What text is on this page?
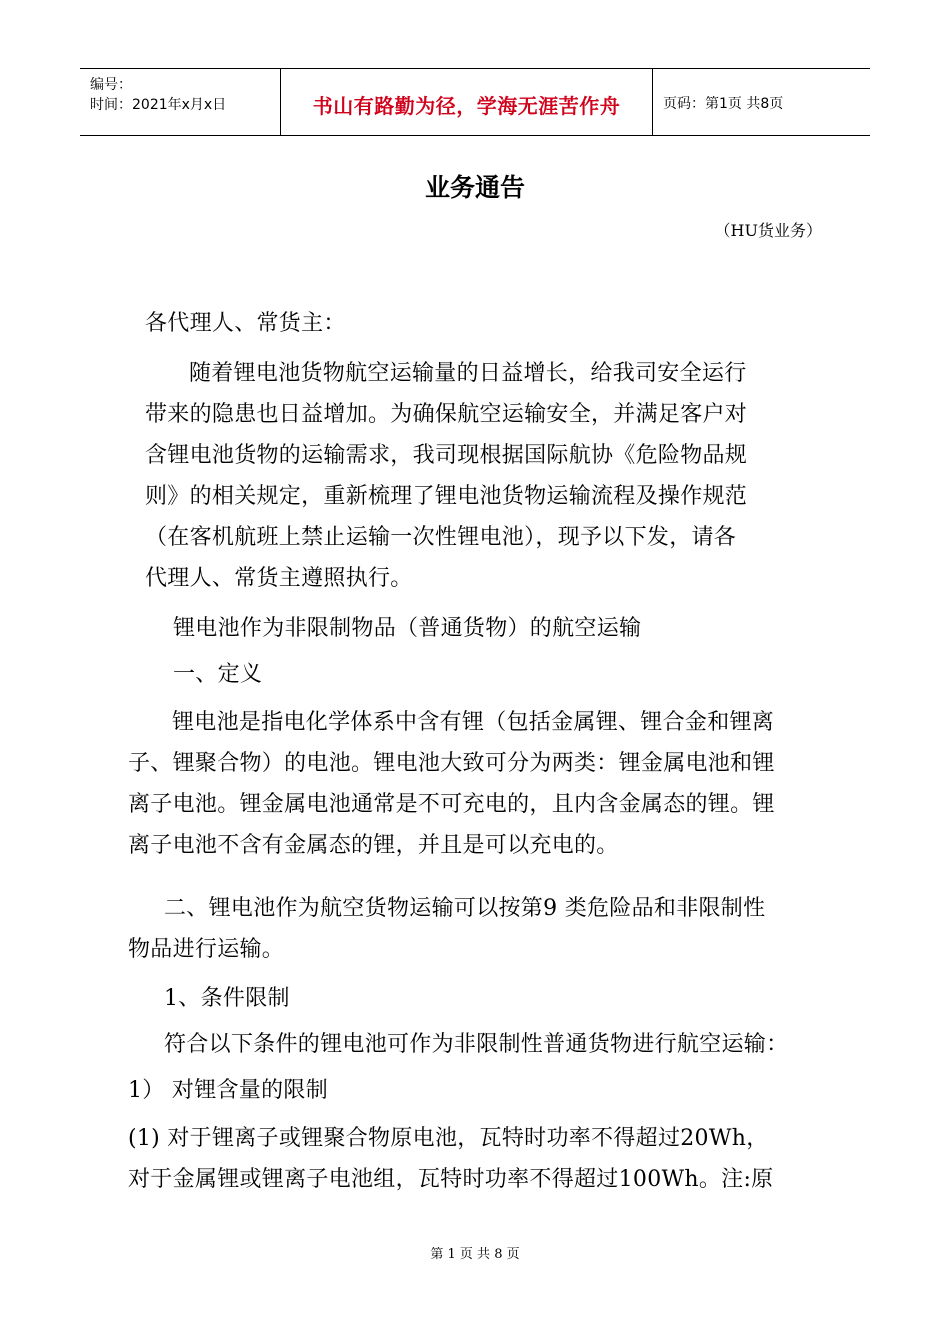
编号：
时间：2021年x月x日	书山有路勤为径，学海无涯苦作舟	页码：第1页 共8页
业务通告
（HU货业务）
各代理人、常货主：
随着锂电池货物航空运输量的日益增长，给我司安全运行
带来的隐患也日益增加。为确保航空运输安全，并满足客户对
含锂电池货物的运输需求，我司现根据国际航协《危险物品规
则》的相关规定，重新梳理了锂电池货物运输流程及操作规范
（在客机航班上禁止运输一次性锂电池），现予以下发，请各
代理人、常货主遵照执行。
锂电池作为非限制物品（普通货物）的航空运输
一、定义
锂电池是指电化学体系中含有锂（包括金属锂、锂合金和锂离
子、锂聚合物）的电池。锂电池大致可分为两类：锂金属电池和锂
离子电池。锂金属电池通常是不可充电的，且内含金属态的锂。锂
离子电池不含有金属态的锂，并且是可以充电的。
二、锂电池作为航空货物运输可以按第9 类危险品和非限制性
物品进行运输。
1、条件限制
符合以下条件的锂电池可作为非限制性普通货物进行航空运输：
1） 对锂含量的限制
(1) 对于锂离子或锂聚合物原电池，瓦特时功率不得超过20Wh，
对于金属锂或锂离子电池组，瓦特时功率不得超过100Wh。注:原
第 1 页 共 8 页
